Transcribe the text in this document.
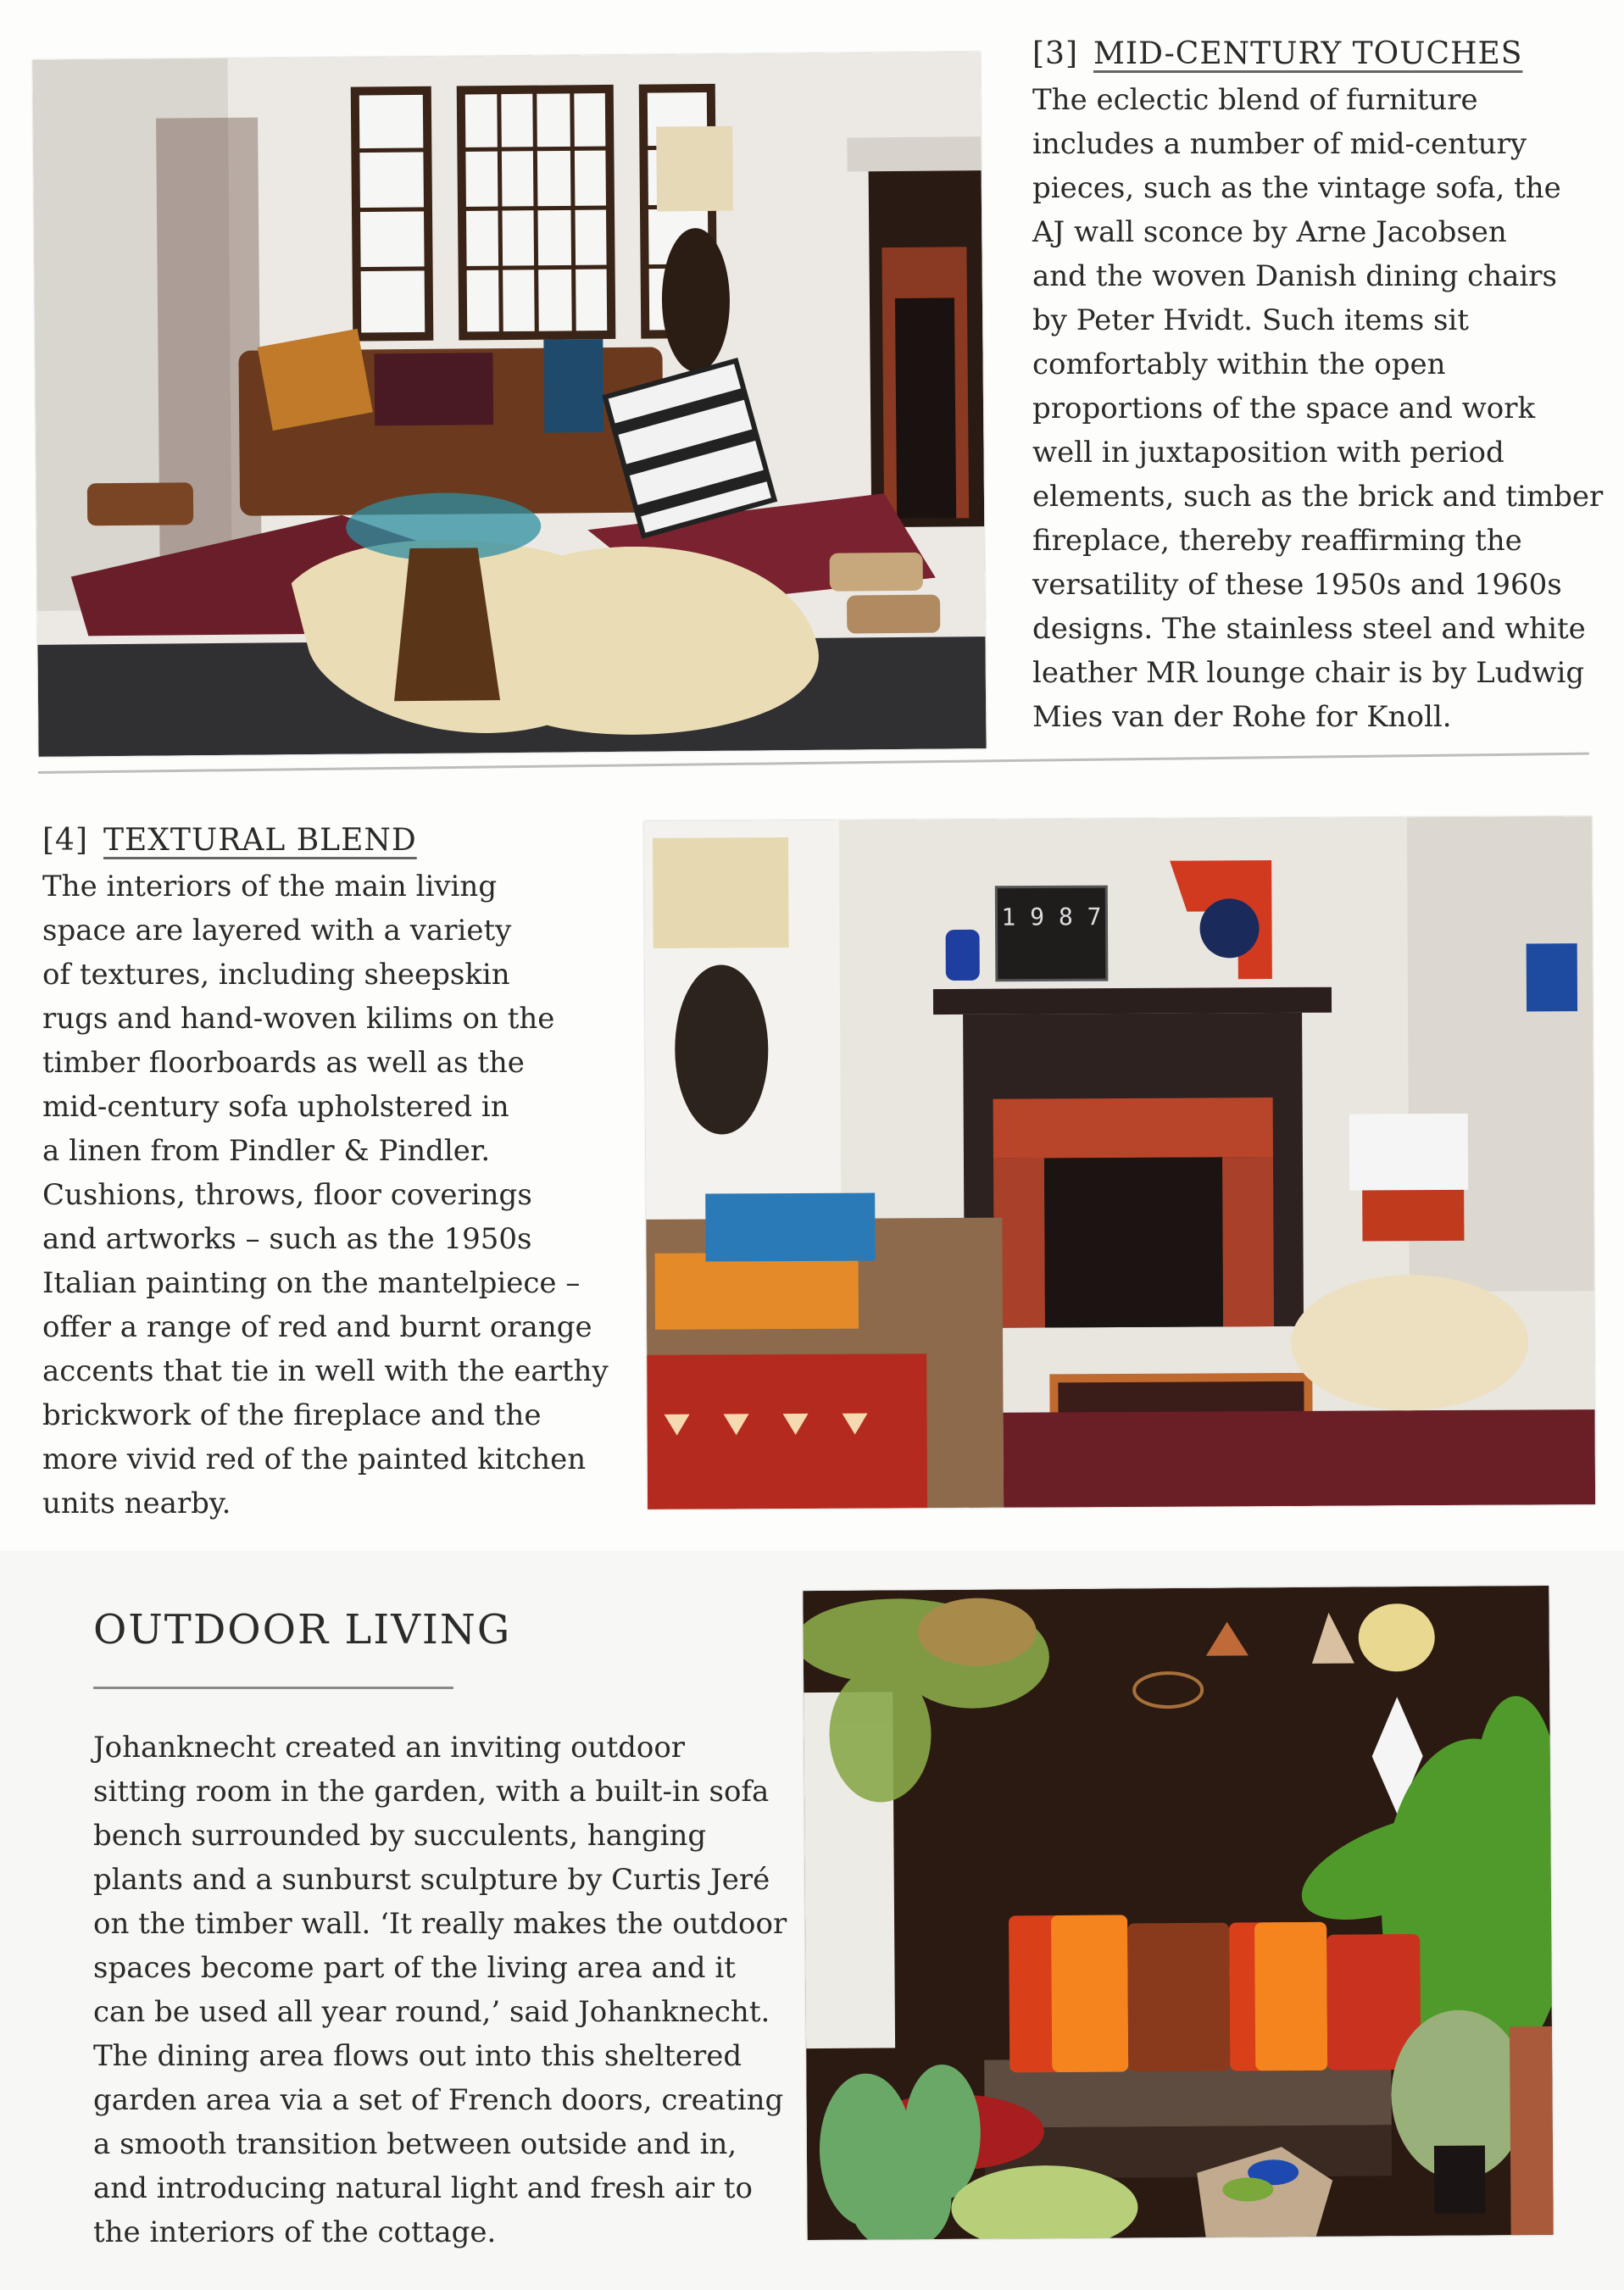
[3] MID-CENTURY TOUCHES
The eclectic blend of furniture
includes a number of mid-century
pieces, such as the vintage sofa, the
AJ wall sconce by Arne Jacobsen
and the woven Danish dining chairs
by Peter Hvidt. Such items sit
comfortably within the open
proportions of the space and work
well in juxtaposition with period
elements, such as the brick and timber
fireplace, thereby reaffirming the
versatility of these 1950s and 1960s
designs. The stainless steel and white
leather MR lounge chair is by Ludwig
Mies van der Rohe for Knoll.
[4] TEXTURAL BLEND
The interiors of the main living
space are layered with a variety
of textures, including sheepskin
rugs and hand-woven kilims on the
timber floorboards as well as the
mid-century sofa upholstered in
a linen from Pindler & Pindler.
Cushions, throws, floor coverings
and artworks – such as the 1950s
Italian painting on the mantelpiece –
offer a range of red and burnt orange
accents that tie in well with the earthy
brickwork of the fireplace and the
more vivid red of the painted kitchen
units nearby.
1 9 8 7
OUTDOOR LIVING
Johanknecht created an inviting outdoor
sitting room in the garden, with a built-in sofa
bench surrounded by succulents, hanging
plants and a sunburst sculpture by Curtis Jeré
on the timber wall. ‘It really makes the outdoor
spaces become part of the living area and it
can be used all year round,’ said Johanknecht.
The dining area flows out into this sheltered
garden area via a set of French doors, creating
a smooth transition between outside and in,
and introducing natural light and fresh air to
the interiors of the cottage.
